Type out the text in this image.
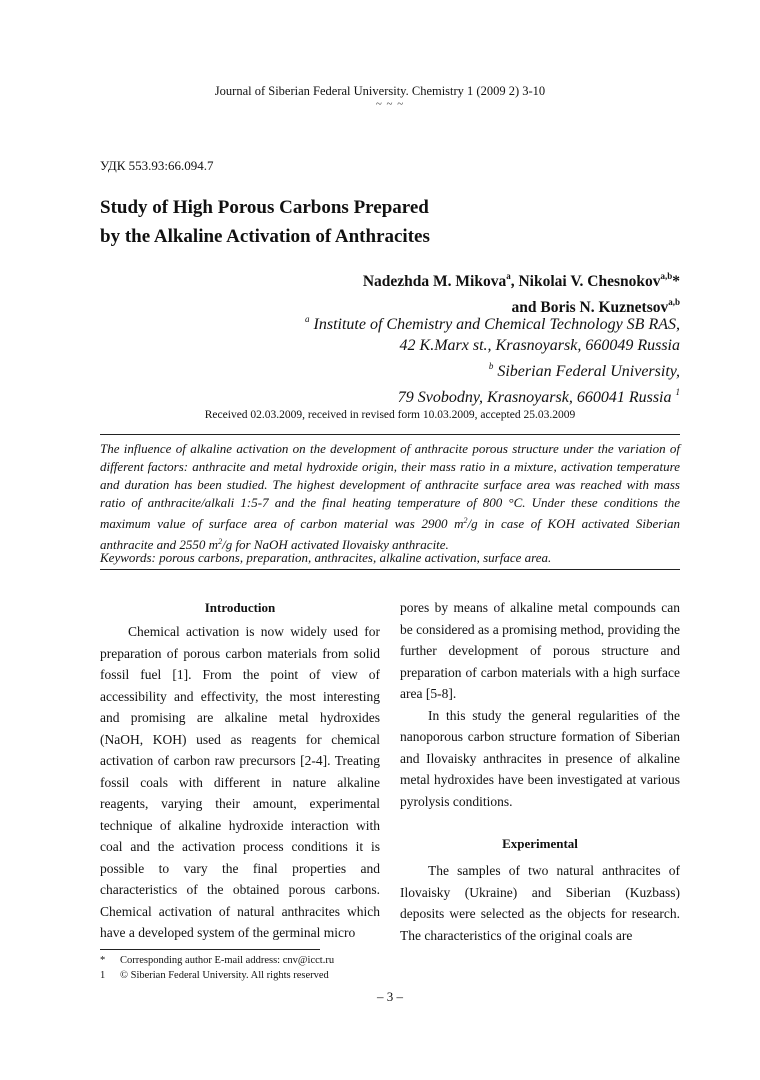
Journal of Siberian Federal University. Chemistry 1 (2009 2) 3-10
~ ~ ~
УДК 553.93:66.094.7
Study of High Porous Carbons Prepared
by the Alkaline Activation of Anthracites
Nadezhda M. Mikova$^a$, Nikolai V. Chesnokov$^{a,b}$*
and Boris N. Kuznetsov$^{a,b}$
$^a$ Institute of Chemistry and Chemical Technology SB RAS,
42 K.Marx st., Krasnoyarsk, 660049 Russia
$^b$ Siberian Federal University,
79 Svobodny, Krasnoyarsk, 660041 Russia $^1$
Received 02.03.2009, received in revised form 10.03.2009, accepted 25.03.2009
The influence of alkaline activation on the development of anthracite porous structure under the variation of different factors: anthracite and metal hydroxide origin, their mass ratio in a mixture, activation temperature and duration has been studied. The highest development of anthracite surface area was reached with mass ratio of anthracite/alkali 1:5-7 and the final heating temperature of 800 °C. Under these conditions the maximum value of surface area of carbon material was 2900 $m^2/g$ in case of KOH activated Siberian anthracite and 2550 $m^2/g$ for NaOH activated Ilovaisky anthracite.
Keywords: porous carbons, preparation, anthracites, alkaline activation, surface area.
Introduction

Chemical activation is now widely used for preparation of porous carbon materials from solid fossil fuel [1]. From the point of view of accessibility and effectivity, the most interesting and promising are alkaline metal hydroxides (NaOH, KOH) used as reagents for chemical activation of carbon raw precursors [2-4]. Treating fossil coals with different in nature alkaline reagents, varying their amount, experimental technique of alkaline hydroxide interaction with coal and the activation process conditions it is possible to vary the final properties and characteristics of the obtained porous carbons. Chemical activation of natural anthracites which have a developed system of the germinal micro

pores by means of alkaline metal compounds can be considered as a promising method, providing the further development of porous structure and preparation of carbon materials with a high surface area [5-8].

In this study the general regularities of the nanoporous carbon structure formation of Siberian and Ilovaisky anthracites in presence of alkaline metal hydroxides have been investigated at various pyrolysis conditions.

Experimental

The samples of two natural anthracites of Ilovaisky (Ukraine) and Siberian (Kuzbass) deposits were selected as the objects for research. The characteristics of the original coals are

*	Corresponding author E-mail address: cnv@icct.ru
1	© Siberian Federal University. All rights reserved
– 3 –
